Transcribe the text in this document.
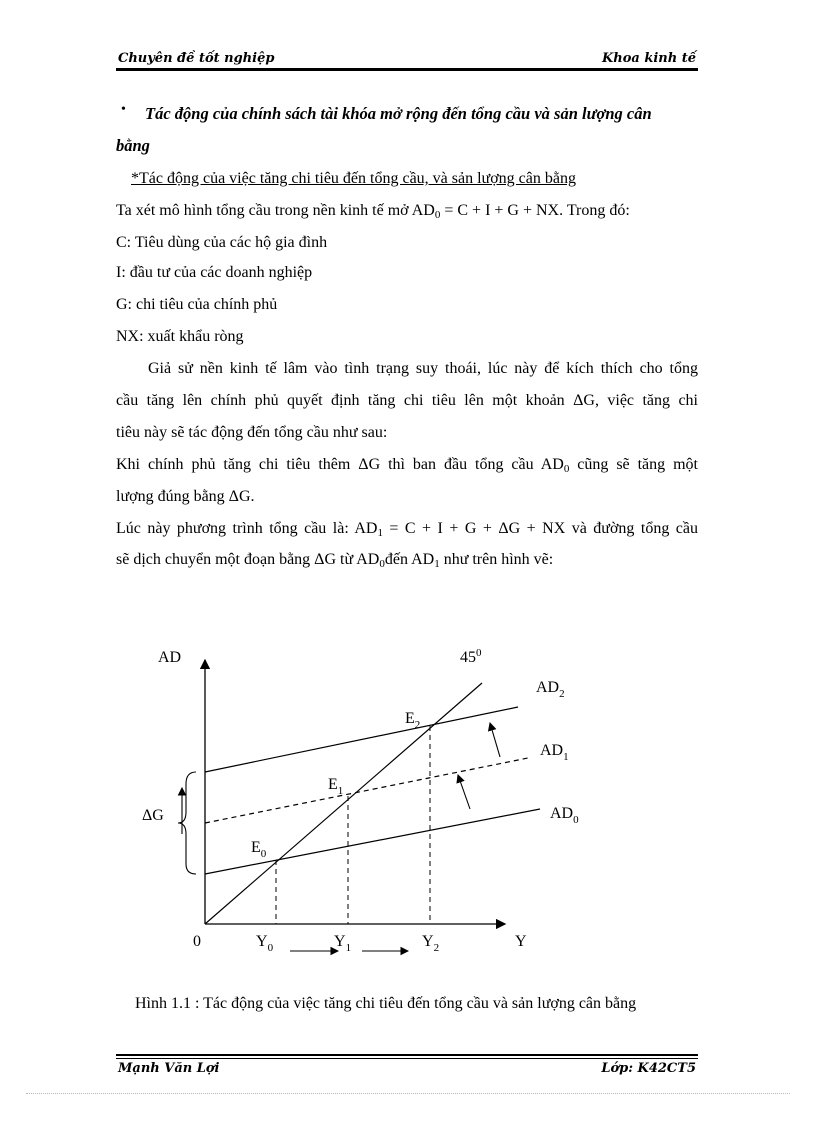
Chuyên đề tốt nghiệp	Khoa kinh tế
• Tác động của chính sách tài khóa mở rộng đến tổng cầu và sản lượng cân
bằng
*Tác động của việc tăng chi tiêu đến tổng cầu, và sản lượng cân bằng
Ta xét mô hình tổng cầu trong nền kinh tế mở $AD_0 = C + I + G$ + NX. Trong đó:
C: Tiêu dùng của các hộ gia đình
I: đầu tư của các doanh nghiệp
G: chi tiêu của chính phủ
NX: xuất khẩu ròng
Giả sử nền kinh tế lâm vào tình trạng suy thoái, lúc này để kích thích cho tổng
cầu tăng lên chính phủ quyết định tăng chi tiêu lên một khoản ΔG, việc tăng chi
tiêu này sẽ tác động đến tổng cầu như sau:
Khi chính phủ tăng chi tiêu thêm ΔG thì ban đầu tổng cầu $AD_0$ cũng sẽ tăng một
lượng đúng bằng ΔG.
Lúc này phương trình tổng cầu là: $AD_1 = C + I + G + \Delta G$ + NX và đường tổng cầu
sẽ dịch chuyển một đoạn bằng ΔG từ $AD_0đến$ $AD_1$ như trên hình vẽ:
AD
Y
0
$45^0$
ΔG
$AD_2$
$AD_1$
$AD_0$
$E_0$
$E_1$
$E_2$
$Y_0$	$Y_1$	$Y_2$
Hình 1.1 : Tác động của việc tăng chi tiêu đến tổng cầu và sản lượng cân bằng
Mạnh Văn Lợi	Lớp: K42CT5
